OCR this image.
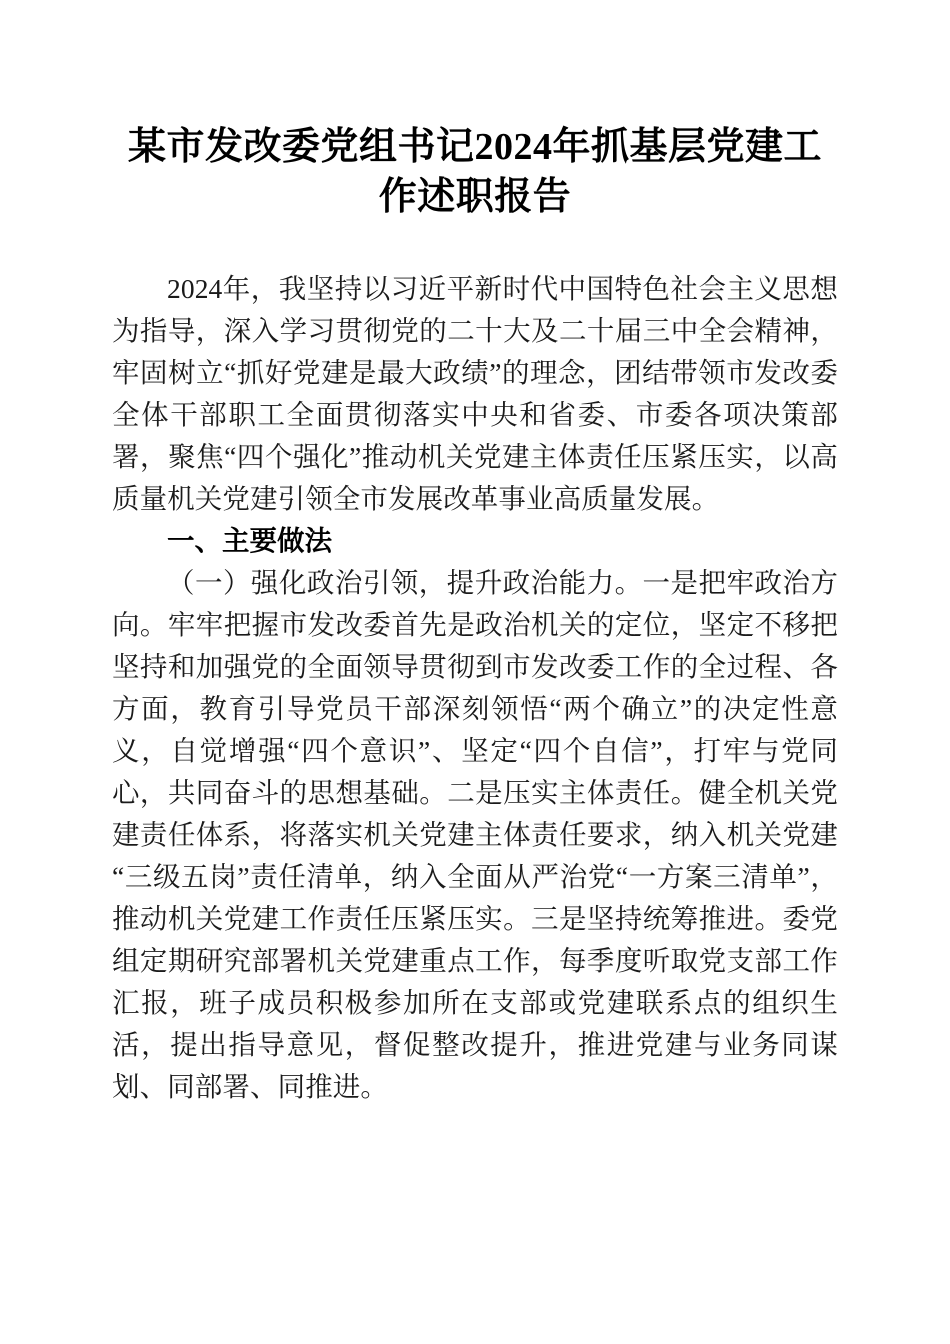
某市发改委党组书记2024年抓基层党建工作述职报告

2024年，我坚持以习近平新时代中国特色社会主义思想为指导，深入学习贯彻党的二十大及二十届三中全会精神，牢固树立“抓好党建是最大政绩”的理念，团结带领市发改委全体干部职工全面贯彻落实中央和省委、市委各项决策部署，聚焦“四个强化”推动机关党建主体责任压紧压实，以高质量机关党建引领全市发展改革事业高质量发展。

一、主要做法

（一）强化政治引领，提升政治能力。一是把牢政治方向。牢牢把握市发改委首先是政治机关的定位，坚定不移把坚持和加强党的全面领导贯彻到市发改委工作的全过程、各方面，教育引导党员干部深刻领悟“两个确立”的决定性意义，自觉增强“四个意识”、坚定“四个自信”，打牢与党同心，共同奋斗的思想基础。二是压实主体责任。健全机关党建责任体系，将落实机关党建主体责任要求，纳入机关党建“三级五岗”责任清单，纳入全面从严治党“一方案三清单”，推动机关党建工作责任压紧压实。三是坚持统筹推进。委党组定期研究部署机关党建重点工作，每季度听取党支部工作汇报，班子成员积极参加所在支部或党建联系点的组织生活，提出指导意见，督促整改提升，推进党建与业务同谋划、同部署、同推进。
